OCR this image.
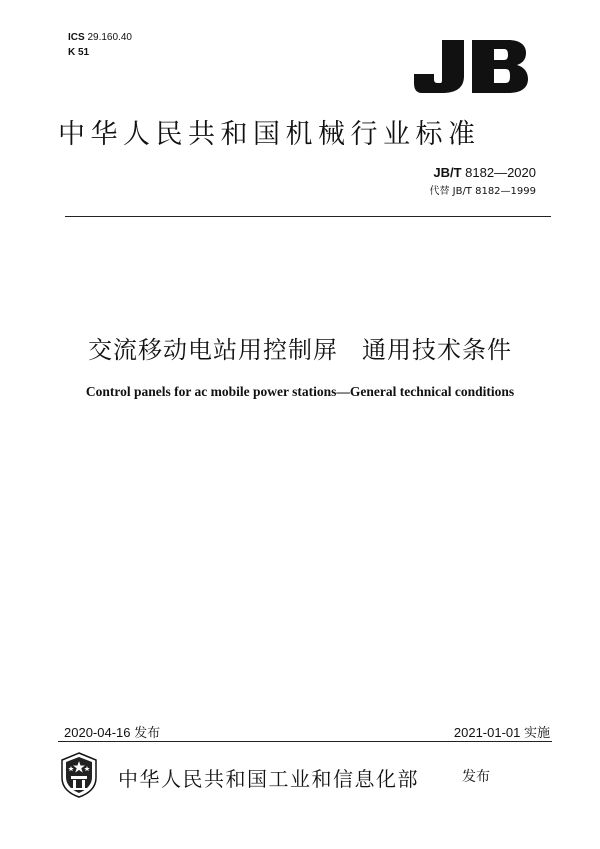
ICS 29.160.40
K 51
中华人民共和国机械行业标准
JB/T 8182—2020
代替 JB/T 8182—1999
交流移动电站用控制屏 通用技术条件
Control panels for ac mobile power stations—General technical conditions
2020-04-16 发布	2021-01-01 实施
中华人民共和国工业和信息化部	发布
